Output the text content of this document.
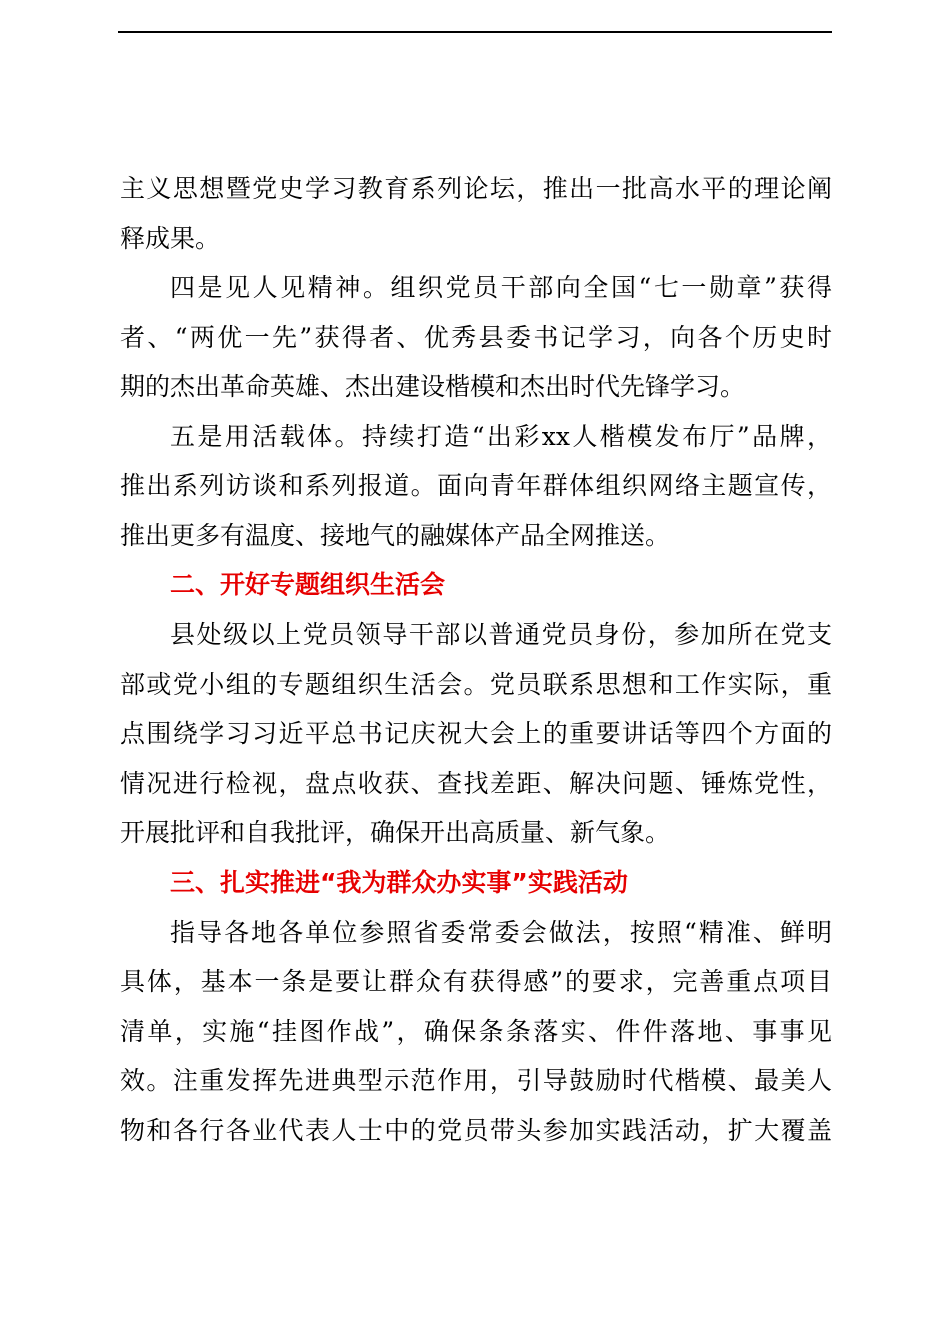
主义思想暨党史学习教育系列论坛，推出一批高水平的理论阐
释成果。
四是见人见精神。组织党员干部向全国“七一勋章”获得
者、“两优一先”获得者、优秀县委书记学习，向各个历史时
期的杰出革命英雄、杰出建设楷模和杰出时代先锋学习。
五是用活载体。持续打造“出彩xx人楷模发布厅”品牌，
推出系列访谈和系列报道。面向青年群体组织网络主题宣传，
推出更多有温度、接地气的融媒体产品全网推送。
二、开好专题组织生活会
县处级以上党员领导干部以普通党员身份，参加所在党支
部或党小组的专题组织生活会。党员联系思想和工作实际，重
点围绕学习习近平总书记庆祝大会上的重要讲话等四个方面的
情况进行检视，盘点收获、查找差距、解决问题、锤炼党性，
开展批评和自我批评，确保开出高质量、新气象。
三、扎实推进“我为群众办实事”实践活动
指导各地各单位参照省委常委会做法，按照“精准、鲜明
具体，基本一条是要让群众有获得感”的要求，完善重点项目
清单，实施“挂图作战”，确保条条落实、件件落地、事事见
效。注重发挥先进典型示范作用，引导鼓励时代楷模、最美人
物和各行各业代表人士中的党员带头参加实践活动，扩大覆盖
